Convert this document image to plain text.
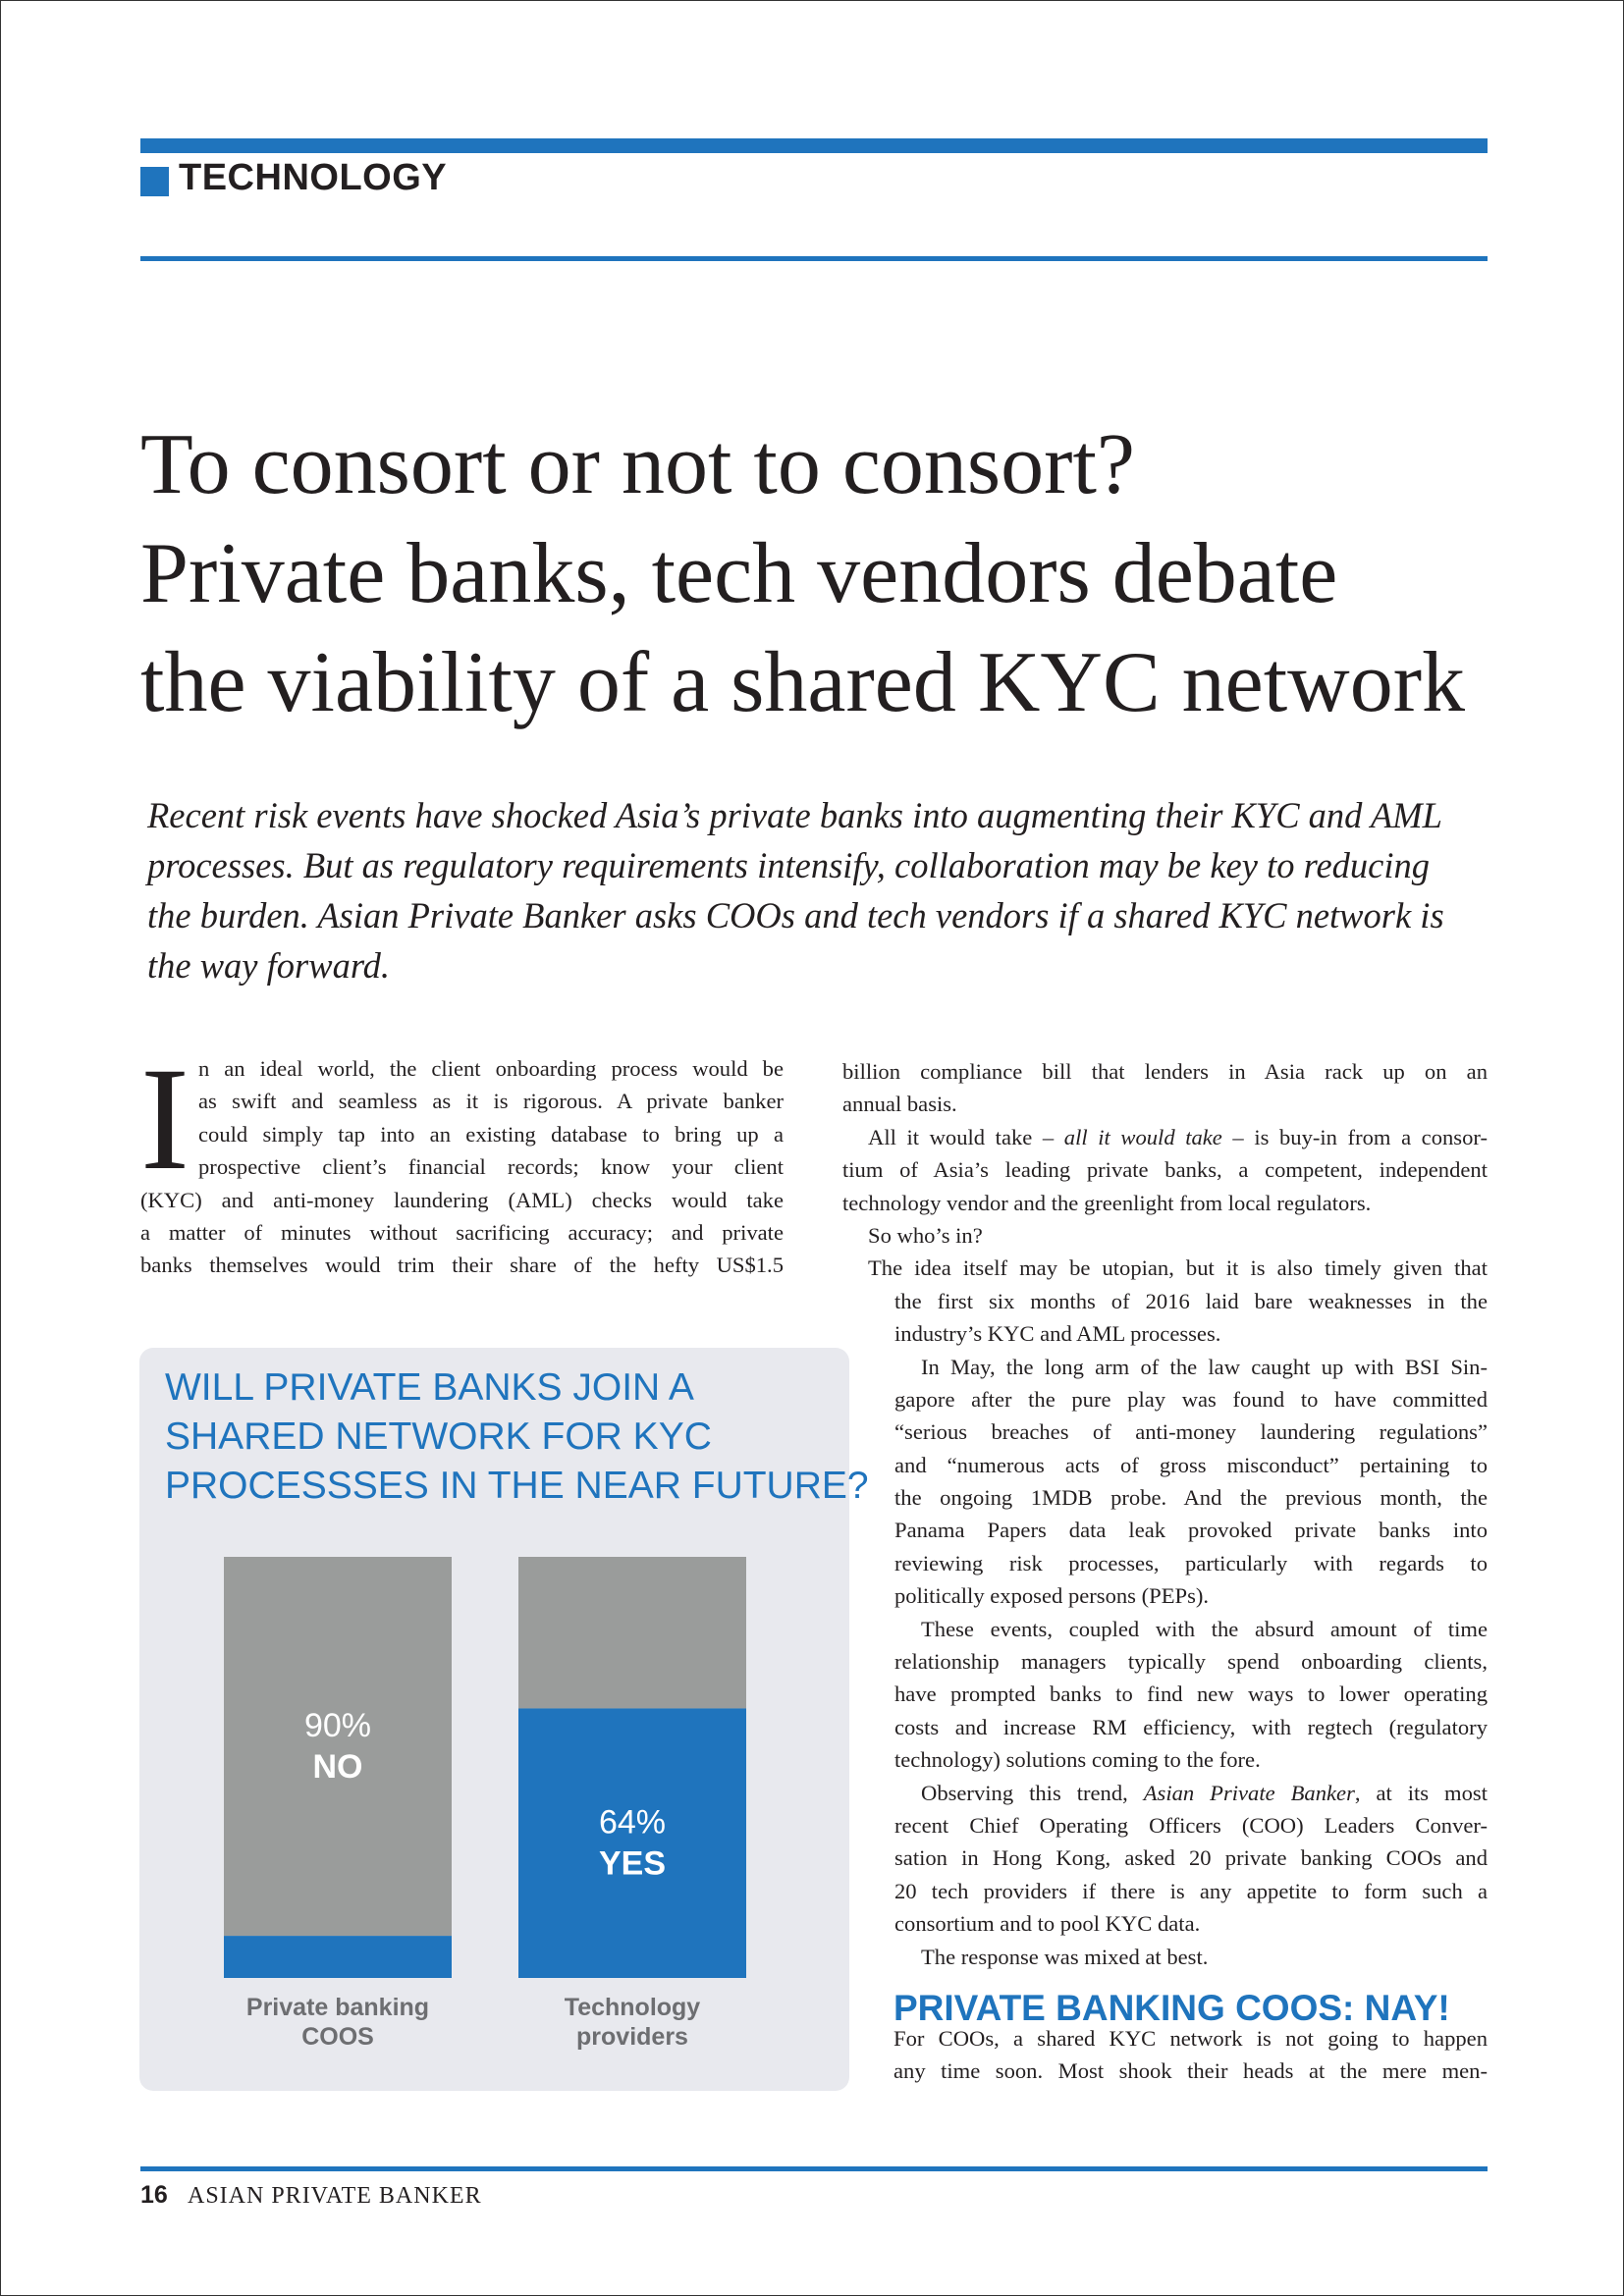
TECHNOLOGY
To consort or not to consort?
Private banks, tech vendors debate
the viability of a shared KYC network

Recent risk events have shocked Asia’s private banks into augmenting their KYC and AML
processes. But as regulatory requirements intensify, collaboration may be key to reducing
the burden. Asian Private Banker asks COOs and tech vendors if a shared KYC network is
the way forward.

I n an ideal world, the client onboarding process would be
as swift and seamless as it is rigorous. A private banker
could simply tap into an existing database to bring up a
prospective client’s financial records; know your client
(KYC) and anti-money laundering (AML) checks would take
a matter of minutes without sacrificing accuracy; and private
banks themselves would trim their share of the hefty US$1.5
billion compliance bill that lenders in Asia rack up on an
annual basis.
All it would take – all it would take – is buy-in from a consor-
tium of Asia’s leading private banks, a competent, independent
technology vendor and the greenlight from local regulators.
So who’s in?
The idea itself may be utopian, but it is also timely given that
the first six months of 2016 laid bare weaknesses in the
industry’s KYC and AML processes.
In May, the long arm of the law caught up with BSI Sin-
gapore after the pure play was found to have committed
“serious breaches of anti-money laundering regulations”
and “numerous acts of gross misconduct” pertaining to
the ongoing 1MDB probe. And the previous month, the
Panama Papers data leak provoked private banks into
reviewing risk processes, particularly with regards to
politically exposed persons (PEPs).
These events, coupled with the absurd amount of time
relationship managers typically spend onboarding clients,
have prompted banks to find new ways to lower operating
costs and increase RM efficiency, with regtech (regulatory
technology) solutions coming to the fore.
Observing this trend, Asian Private Banker, at its most
recent Chief Operating Officers (COO) Leaders Conver-
sation in Hong Kong, asked 20 private banking COOs and
20 tech providers if there is any appetite to form such a
consortium and to pool KYC data.
The response was mixed at best.
PRIVATE BANKING COOS: NAY!
For COOs, a shared KYC network is not going to happen
any time soon. Most shook their heads at the mere men-
WILL PRIVATE BANKS JOIN A
SHARED NETWORK FOR KYC
PROCESSSES IN THE NEAR FUTURE?
90%
NO
Private banking
COOS
64%
YES
Technology
providers
16 ASIAN PRIVATE BANKER
